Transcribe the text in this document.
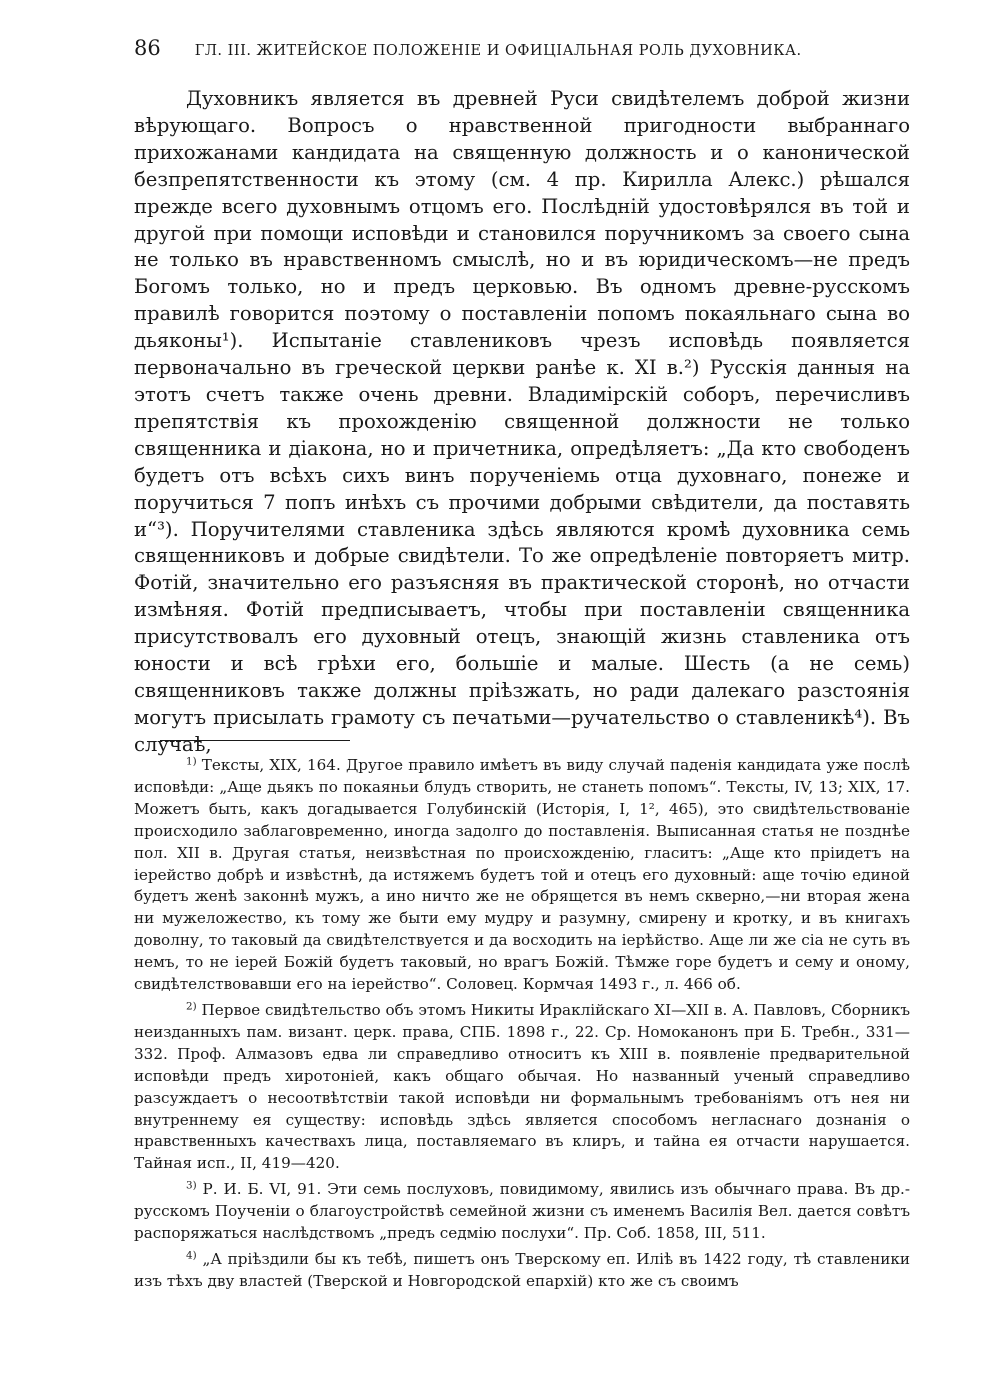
86 ГЛ. III. ЖИТЕЙСКОЕ ПОЛОЖЕНІЕ И ОФИЦІАЛЬНАЯ РОЛЬ ДУХОВНИКА.

Духовникъ является въ древней Руси свидѣтелемъ доброй жизни вѣрующаго. Вопросъ о нравственной пригодности выбраннаго прихожанами кандидата на священную должность и о канонической безпрепятственности къ этому (см. 4 пр. Кирилла Алекс.) рѣшался прежде всего духовнымъ отцомъ его. Послѣдній удостовѣрялся въ той и другой при помощи исповѣди и становился поручникомъ за своего сына не только въ нравственномъ смыслѣ, но и въ юридическомъ—не предъ Богомъ только, но и предъ церковью. Въ одномъ древне-русскомъ правилѣ говорится поэтому о поставленіи попомъ покаяльнаго сына во дьяконы¹). Испытаніе ставлениковъ чрезъ исповѣдь появляется первоначально въ греческой церкви ранѣе к. XI в.²) Русскія данныя на этотъ счетъ также очень древни. Владимірскій соборъ, перечисливъ препятствія къ прохожденію священной должности не только священника и діакона, но и причетника, опредѣляетъ: „Да кто свободенъ будетъ отъ всѣхъ сихъ винъ порученіемь отца духовнаго, понеже и поручиться 7 попъ инѣхъ съ прочими добрыми свѣдители, да поставять и“³). Поручителями ставленика здѣсь являются кромѣ духовника семь священниковъ и добрые свидѣтели. То же опредѣленіе повторяетъ митр. Фотій, значительно его разъясняя въ практической сторонѣ, но отчасти измѣняя. Фотій предписываетъ, чтобы при поставленіи священника присутствовалъ его духовный отецъ, знающій жизнь ставленика отъ юности и всѣ грѣхи его, большіе и малые. Шесть (а не семь) священниковъ также должны пріѣзжать, но ради далекаго разстоянія могутъ присылать грамоту съ печатьми—ручательство о ставленикѣ⁴). Въ случаѣ,

$^{1)}$ Тексты, XIX, 164. Другое правило имѣетъ въ виду случай паденія кандидата уже послѣ исповѣди: „Аще дьякъ по покаяньи блудъ створить, не станеть попомъ“. Тексты, IV, 13; XIX, 17. Можетъ быть, какъ догадывается Голубинскій (Исторія, I, 1², 465), это свидѣтельствованіе происходило заблаговременно, иногда задолго до поставленія. Выписанная статья не позднѣе пол. XII в. Другая статья, неизвѣстная по происхожденію, гласитъ: „Аще кто прiидетъ на iерейство добрѣ и извѣстнѣ, да истяжемъ будетъ той и отецъ его духовный: аще точiю единой будетъ женѣ законнѣ мужъ, а ино ничто же не обрящется въ немъ скверно,—ни вторая жена ни мужеложество, къ тому же быти ему мудру и разумну, смирену и кротку, и въ книгахъ доволну, то таковый да свидѣтелствуется и да восходить на iерѣйство. Аще ли же сiа не суть въ немъ, то не iерей Божiй будетъ таковый, но врагъ Божiй. Тѣмже горе будетъ и сему и оному, свидѣтелствовавши его на iерейство“. Соловец. Кормчая 1493 г., л. 466 об.

$^{2)}$ Первое свидѣтельство объ этомъ Никиты Ираклійскаго XI—XII в. А. Павловъ, Сборникъ неизданныхъ пам. визант. церк. права, СПБ. 1898 г., 22. Ср. Номоканонъ при Б. Требн., 331—332. Проф. Алмазовъ едва ли справедливо относитъ къ XIII в. появленіе предварительной исповѣди предъ хиротоніей, какъ общаго обычая. Но названный ученый справедливо разсуждаетъ о несоотвѣтствіи такой исповѣди ни формальнымъ требованіямъ отъ нея ни внутреннему ея существу: исповѣдь здѣсь является способомъ негласнаго дознанія о нравственныхъ качествахъ лица, поставляемаго въ клиръ, и тайна ея отчасти нарушается. Тайная исп., II, 419—420.

$^{3)}$ Р. И. Б. VI, 91. Эти семь послуховъ, повидимому, явились изъ обычнаго права. Въ др.-русскомъ Поученіи о благоустройствѣ семейной жизни съ именемъ Василія Вел. дается совѣтъ распоряжаться наслѣдствомъ „предъ седмію послухи“. Пр. Соб. 1858, III, 511.

$^{4)}$ „А пріѣздили бы къ тебѣ, пишетъ онъ Тверскому еп. Иліѣ въ 1422 году, тѣ ставленики изъ тѣхъ дву властей (Тверской и Новгородской епархій) кто же съ своимъ
